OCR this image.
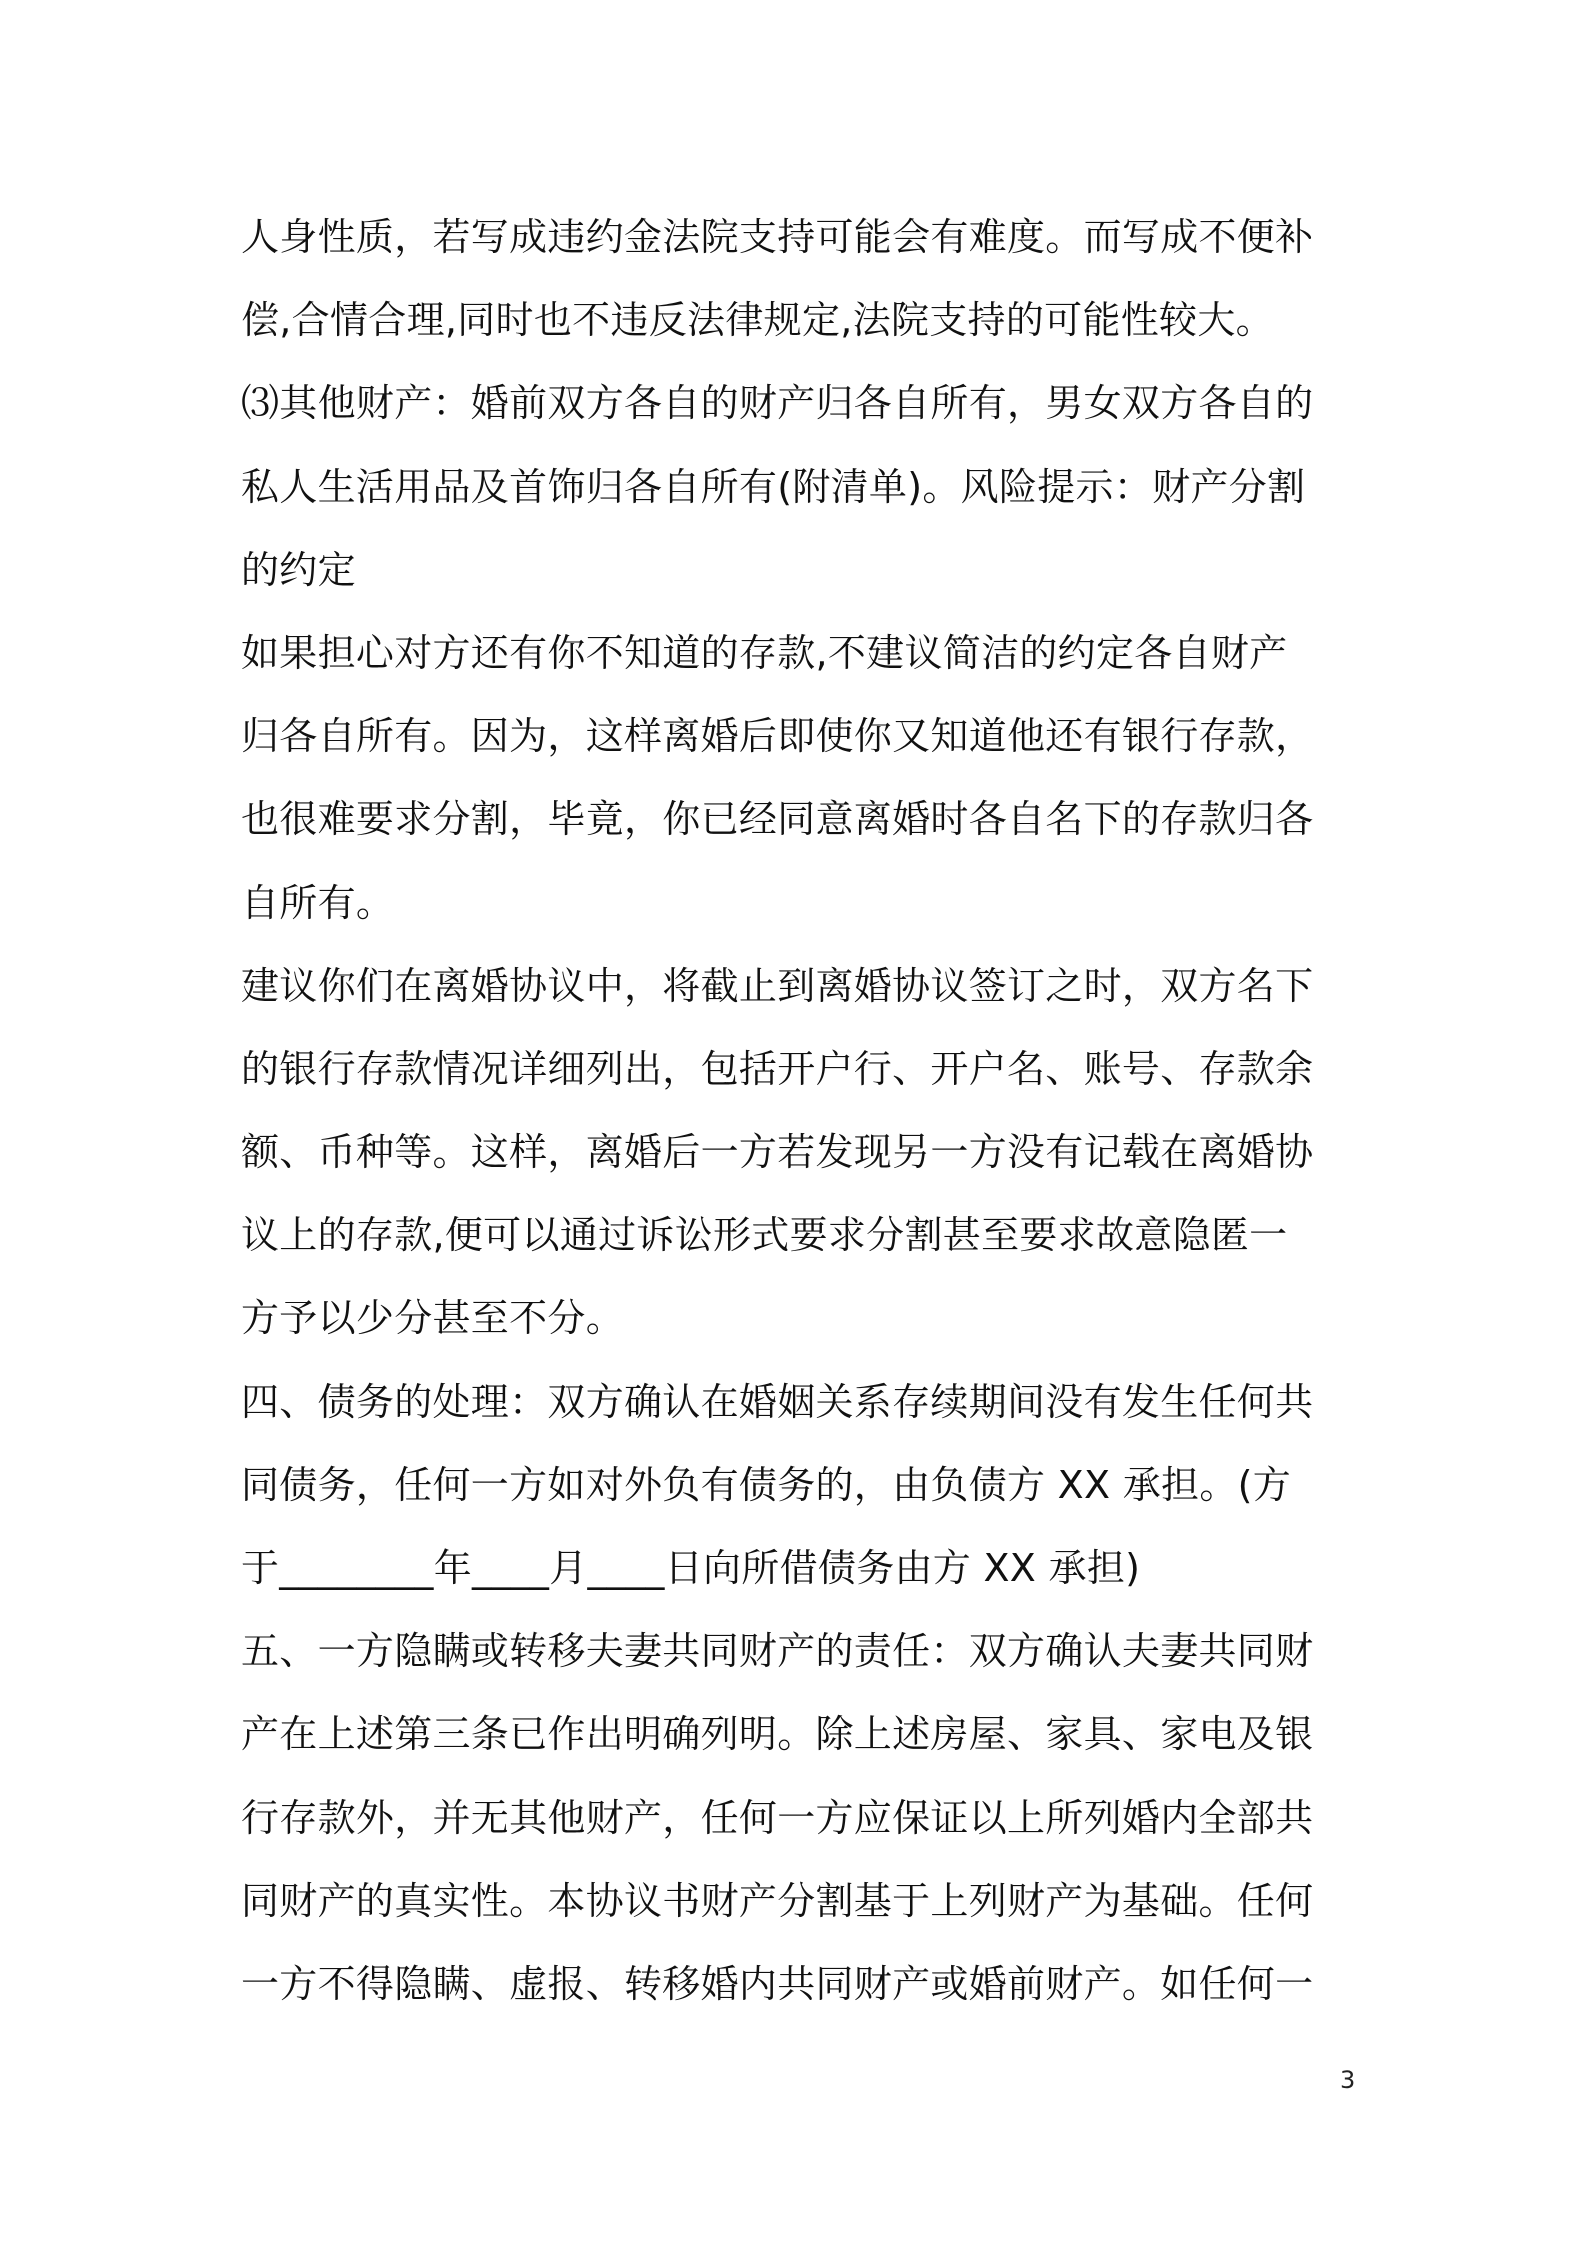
人身性质，若写成违约金法院支持可能会有难度。而写成不便补
偿,合情合理,同时也不违反法律规定,法院支持的可能性较大。
⑶其他财产：婚前双方各自的财产归各自所有，男女双方各自的
私人生活用品及首饰归各自所有(附清单)。风险提示：财产分割
的约定
如果担心对方还有你不知道的存款,不建议简洁的约定各自财产
归各自所有。因为，这样离婚后即使你又知道他还有银行存款，
也很难要求分割，毕竟，你已经同意离婚时各自名下的存款归各
自所有。
建议你们在离婚协议中，将截止到离婚协议签订之时，双方名下
的银行存款情况详细列出，包括开户行、开户名、账号、存款余
额、币种等。这样，离婚后一方若发现另一方没有记载在离婚协
议上的存款,便可以通过诉讼形式要求分割甚至要求故意隐匿一
方予以少分甚至不分。
四、债务的处理：双方确认在婚姻关系存续期间没有发生任何共
同债务，任何一方如对外负有债务的，由负债方 XX 承担。(方
于________年____月____日向所借债务由方 XX 承担)
五、一方隐瞒或转移夫妻共同财产的责任：双方确认夫妻共同财
产在上述第三条已作出明确列明。除上述房屋、家具、家电及银
行存款外，并无其他财产，任何一方应保证以上所列婚内全部共
同财产的真实性。本协议书财产分割基于上列财产为基础。任何
一方不得隐瞒、虚报、转移婚内共同财产或婚前财产。如任何一
3
